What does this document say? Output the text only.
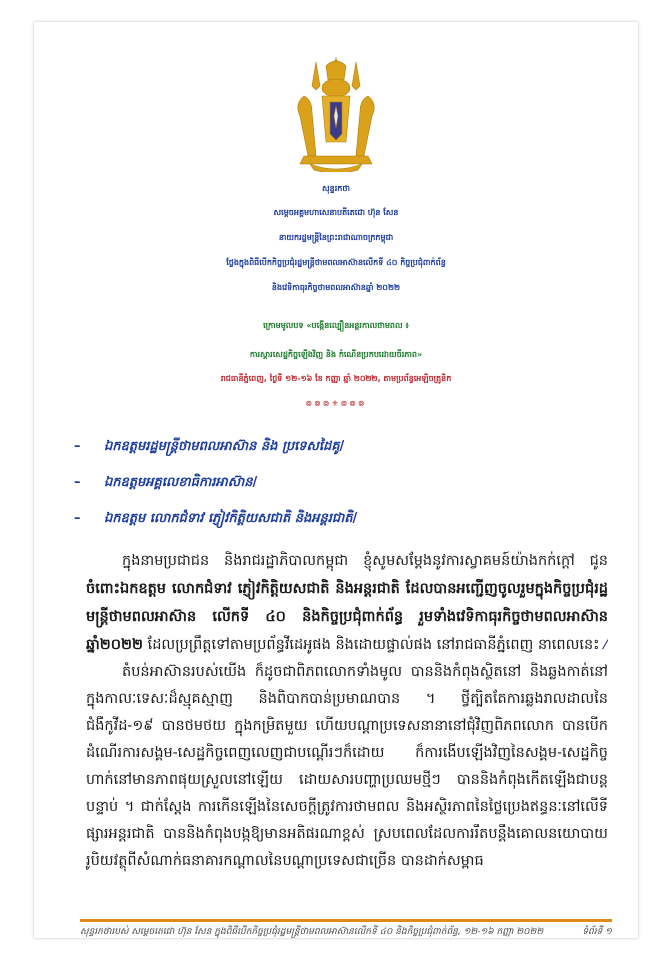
សុន្ទរកថា
សម្តេចអគ្គមហាសេនាបតីតេជោ ហ៊ុន សែន
នាយករដ្ឋមន្រ្តីនៃព្រះរាជាណាចក្រកម្ពុជា
ថ្លែងក្នុងពិធីបើកកិច្ចប្រជុំរដ្ឋមន្ត្រីថាមពលអាស៊ានលើកទី ៤០ កិច្ចប្រជុំពាក់ព័ន្ធ
និងវេទិកាធុរកិច្ចថាមពលអាស៊ានឆ្នាំ ២០២២
ក្រោមមូលបទ «បង្កើនល្បឿនអន្តរកាលថាមពល ៖
ការស្តារសេដ្ឋកិច្ចឡើងវិញ និង កំណើនប្រកបដោយចីរភាព»
រាជធានីភ្នំពេញ, ថ្ងៃទី ១២-១៦ ខែ កញ្ញា ឆ្នាំ ២០២២, តាមប្រព័ន្ធអេឡិចត្រូនិក
៙៙៙⚜៙៙៙
– ឯកឧត្តមរដ្ឋមន្ត្រីថាមពលអាស៊ាន និង ប្រទេសដៃគូ/
– ឯកឧត្តមអគ្គលេខាធិការអាស៊ាន/
– ឯកឧត្តម លោកជំទាវ ភ្ញៀវកិត្តិយសជាតិ និងអន្តរជាតិ/
ក្នុងនាមប្រជាជន និងរាជរដ្ឋាភិបាលកម្ពុជា ខ្ញុំសូមសម្តែងនូវការស្វាគមន៍យ៉ាងកក់ក្តៅ ជូន ចំពោះឯកឧត្តម លោកជំទាវ ភ្ញៀវកិត្តិយសជាតិ និងអន្តរជាតិ ដែលបានអញ្ជើញចូលរួមក្នុងកិច្ចប្រជុំរដ្ឋមន្ត្រីថាមពលអាស៊ាន លើកទី ៤០ និងកិច្ចប្រជុំពាក់ព័ន្ធ រួមទាំងវេទិកាធុរកិច្ចថាមពលអាស៊ានឆ្នាំ២០២២ ដែលប្រព្រឹត្តទៅតាមប្រព័ន្ធវីដេអូផង និងដោយផ្ទាល់ផង នៅរាជធានីភ្នំពេញ នាពេលនេះ ⁄
តំបន់អាស៊ានរបស់យើង ក៏ដូចជាពិភពលោកទាំងមូល បាននិងកំពុងស្ថិតនៅ និងឆ្លងកាត់នៅក្នុងកាលៈទេសៈដ៏ស្មុគស្មាញ និងពិបាកបាន់ប្រមាណបាន ។ ថ្វីត្បិតតែការឆ្លងរាលដាលនៃជំងឺកូវីដ-១៩ បានថមថយ ក្នុងកម្រិតមួយ ហើយបណ្តាប្រទេសនានានៅជុំវិញពិភពលោក បានបើកដំណើរការសង្គម-សេដ្ឋកិច្ចពេញលេញជាបណ្តើរៗក៏ដោយ ក៏ការងើបឡើងវិញនៃសង្គម-សេដ្ឋកិច្ច ហាក់នៅមានភាពផុយស្រួលនៅឡើយ ដោយសារបញ្ហាប្រឈមថ្មីៗ បាននិងកំពុងកើតឡើងជាបន្តបន្ទាប់ ។ ជាក់ស្តែង ការកើនឡើងនៃសេចក្តីត្រូវការថាមពល និងអស្ថិរភាពនៃថ្លៃប្រេងឥន្ធនៈនៅលើទីផ្សារអន្តរជាតិ បាននិងកំពុងបង្កឱ្យមានអតិផរណាខ្ពស់ ស្របពេលដែលការរឹតបន្តឹងគោលនយោបាយរូបិយវត្ថុពីសំណាក់ធនាគារកណ្តាលនៃបណ្តាប្រទេសជាច្រើន បានដាក់សម្ពាធ
សុន្ទរកថារបស់ សម្តេចតេជោ ហ៊ុន សែន ក្នុងពិធីបើកកិច្ចប្រជុំរដ្ឋមន្ត្រីថាមពលអាស៊ានលើកទី ៤០ និងកិច្ចប្រជុំពាក់ព័ន្ធ, ១២-១៦ កញ្ញា ២០២២	ទំព័រទី ១
